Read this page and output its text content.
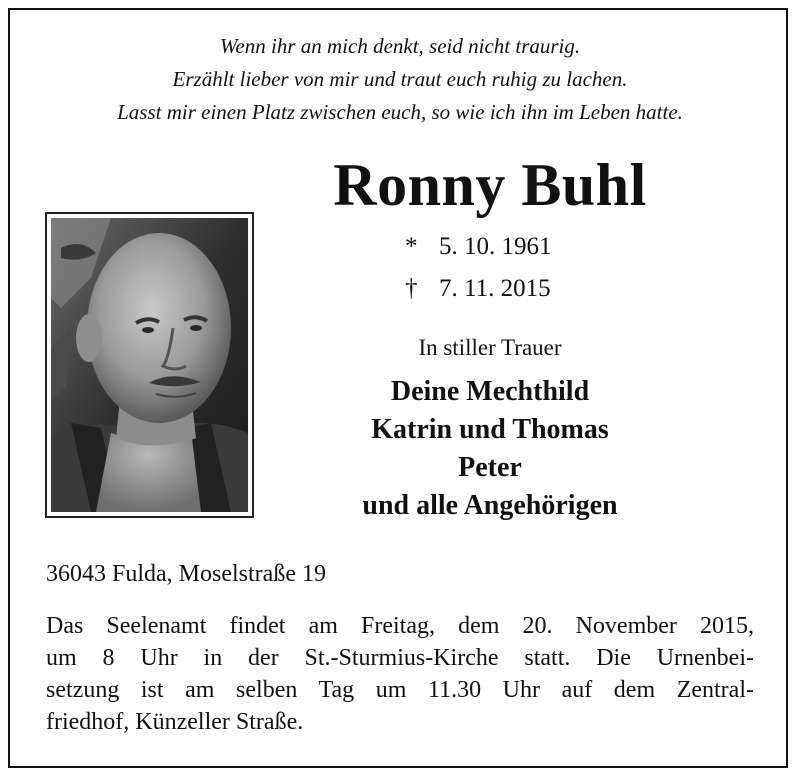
Wenn ihr an mich denkt, seid nicht traurig.
Erzählt lieber von mir und traut euch ruhig zu lachen.
Lasst mir einen Platz zwischen euch, so wie ich ihn im Leben hatte.
Ronny Buhl
* 5. 10. 1961
† 7. 11. 2015
In stiller Trauer
Deine Mechthild
Katrin und Thomas
Peter
und alle Angehörigen
36043 Fulda, Moselstraße 19
Das Seelenamt findet am Freitag, dem 20. November 2015,
um 8 Uhr in der St.-Sturmius-Kirche statt. Die Urnenbei-
setzung ist am selben Tag um 11.30 Uhr auf dem Zentral-
friedhof, Künzeller Straße.
